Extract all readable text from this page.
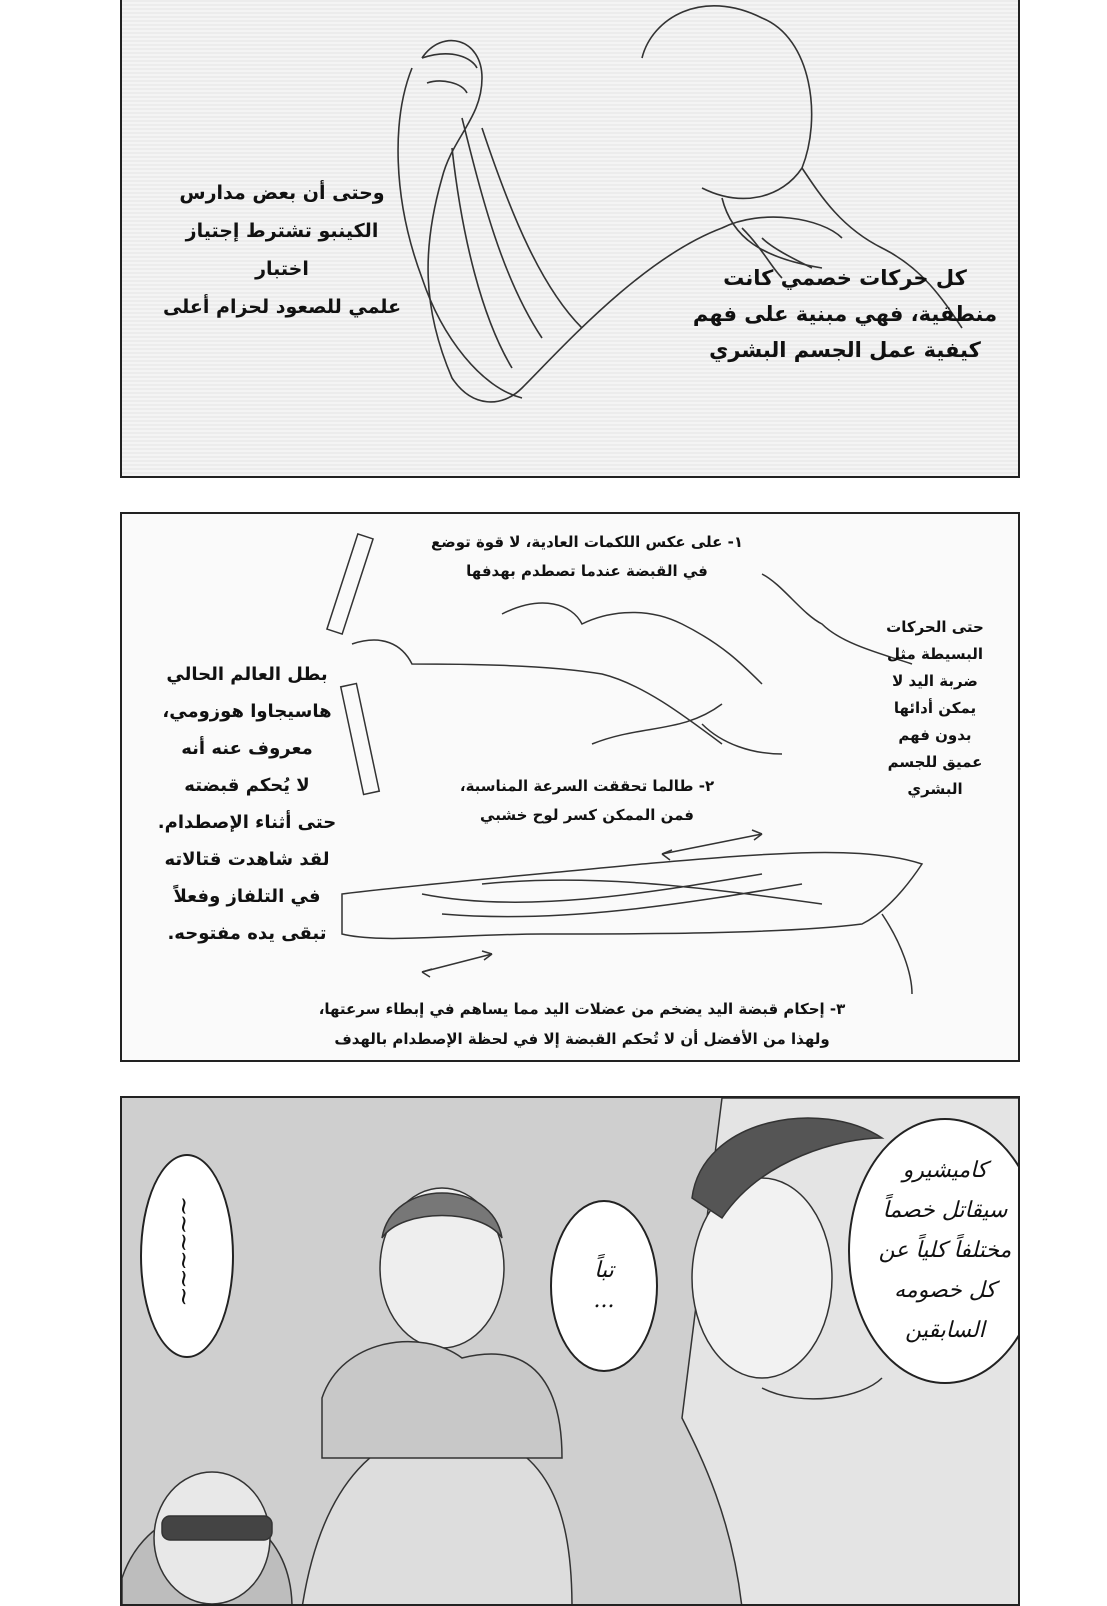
وحتى أن بعض مدارس
الكينبو تشترط إجتياز اختبار
علمي للصعود لحزام أعلى

كل حركات خصمي كانت
منطقية، فهي مبنية على فهم
كيفية عمل الجسم البشري

١- على عكس اللكمات العادية، لا قوة توضع
في القبضة عندما تصطدم بهدفها

حتى الحركات
البسيطة مثل
ضربة اليد لا
يمكن أدائها
بدون فهم
عميق للجسم
البشري

بطل العالم الحالي
هاسيجاوا هوزومي،
معروف عنه أنه
لا يُحكم قبضته
حتى أثناء الإصطدام.
لقد شاهدت قتالاته
في التلفاز وفعلاً
تبقى يده مفتوحه.

٢- طالما تحققت السرعة المناسبة،
فمن الممكن كسر لوح خشبي

٣- إحكام قبضة اليد يضخم من عضلات اليد مما يساهم في إبطاء سرعتها،
ولهذا من الأفضل أن لا تُحكم القبضة إلا في لحظة الإصطدام بالهدف

~~~~~~	تباً
...
كاميشيرو
سيقاتل خصماً
مختلفاً كلياً عن
كل خصومه
السابقين
